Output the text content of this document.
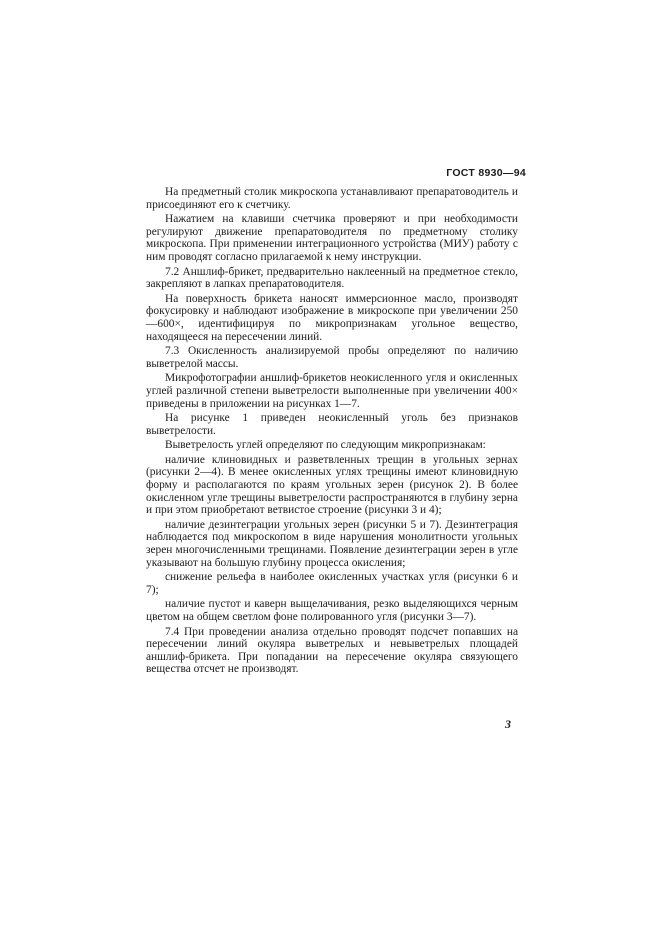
ГОСТ 8930—94

На предметный столик микроскопа устанавливают препаратоводитель и присоединяют его к счетчику.

Нажатием на клавиши счетчика проверяют и при необходимости регулируют движение препаратоводителя по предметному столику микроскопа. При применении интеграционного устройства (МИУ) работу с ним проводят согласно прилагаемой к нему инструкции.

7.2 Аншлиф-брикет, предварительно наклеенный на предметное стекло, закрепляют в лапках препаратоводителя.

На поверхность брикета наносят иммерсионное масло, производят фокусировку и наблюдают изображение в микроскопе при увеличении 250—600×, идентифицируя по микропризнакам угольное вещество, находящееся на пересечении линий.

7.3 Окисленность анализируемой пробы определяют по наличию выветрелой массы.

Микрофотографии аншлиф-брикетов неокисленного угля и окисленных углей различной степени выветрелости выполненные при увеличении 400× приведены в приложении на рисунках 1—7.

На рисунке 1 приведен неокисленный уголь без признаков выветрелости.

Выветрелость углей определяют по следующим микропризнакам:

наличие клиновидных и разветвленных трещин в угольных зернах (рисунки 2—4). В менее окисленных углях трещины имеют клиновидную форму и располагаются по краям угольных зерен (рисунок 2). В более окисленном угле трещины выветрелости распространяются в глубину зерна и при этом приобретают ветвистое строение (рисунки 3 и 4);

наличие дезинтеграции угольных зерен (рисунки 5 и 7). Дезинтеграция наблюдается под микроскопом в виде нарушения монолитности угольных зерен многочисленными трещинами. Появление дезинтеграции зерен в угле указывают на большую глубину процесса окисления;

снижение рельефа в наиболее окисленных участках угля (рисунки 6 и 7);

наличие пустот и каверн выщелачивания, резко выделяющихся черным цветом на общем светлом фоне полированного угля (рисунки 3—7).

7.4 При проведении анализа отдельно проводят подсчет попавших на пересечении линий окуляра выветрелых и невыветрелых площадей аншлиф-брикета. При попадании на пересечение окуляра связующего вещества отсчет не производят.

3
